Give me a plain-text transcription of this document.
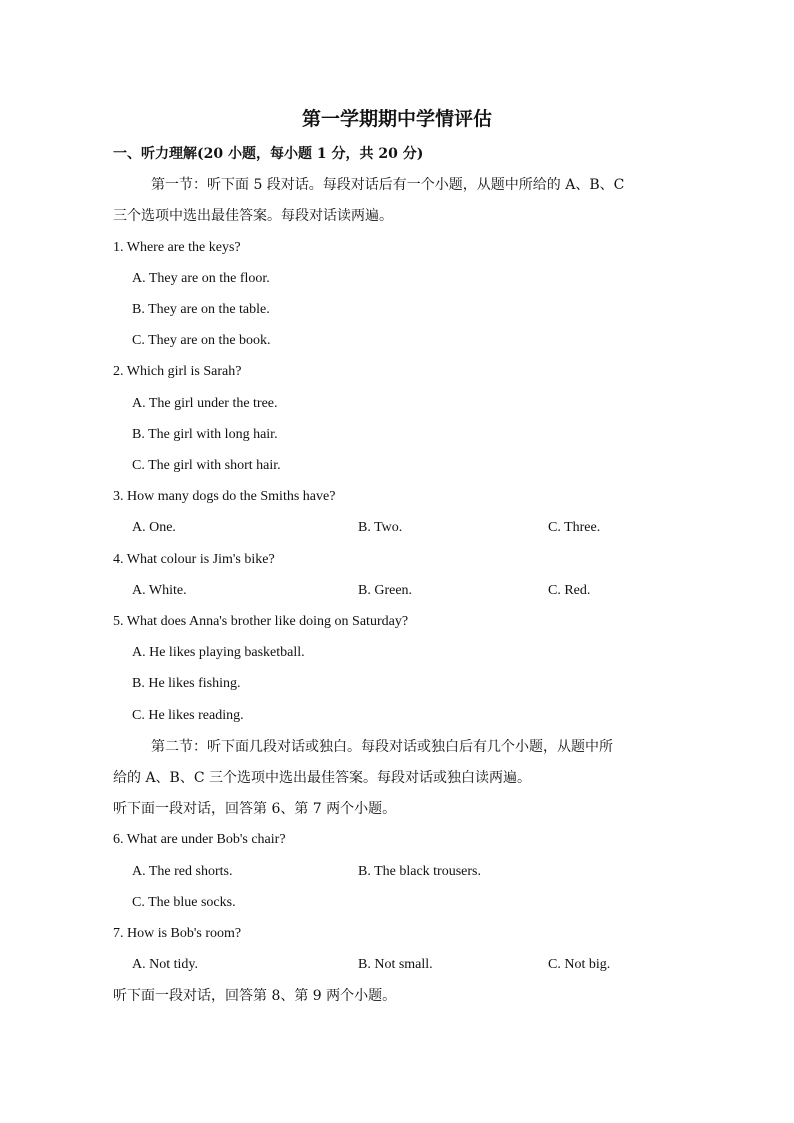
第一学期期中学情评估
一、听力理解(20 小题，每小题 1 分，共 20 分)
第一节：听下面 5 段对话。每段对话后有一个小题，从题中所给的 A、B、C
三个选项中选出最佳答案。每段对话读两遍。
1. Where are the keys?
A. They are on the floor.
B. They are on the table.
C. They are on the book.
2. Which girl is Sarah?
A. The girl under the tree.
B. The girl with long hair.
C. The girl with short hair.
3. How many dogs do the Smiths have?
A. One.	B. Two.	C. Three.
4. What colour is Jim's bike?
A. White.	B. Green.	C. Red.
5. What does Anna's brother like doing on Saturday?
A. He likes playing basketball.
B. He likes fishing.
C. He likes reading.
第二节：听下面几段对话或独白。每段对话或独白后有几个小题，从题中所
给的 A、B、C 三个选项中选出最佳答案。每段对话或独白读两遍。
听下面一段对话，回答第 6、第 7 两个小题。
6. What are under Bob's chair?
A. The red shorts.	B. The black trousers.
C. The blue socks.
7. How is Bob's room?
A. Not tidy.	B. Not small.	C. Not big.
听下面一段对话，回答第 8、第 9 两个小题。
